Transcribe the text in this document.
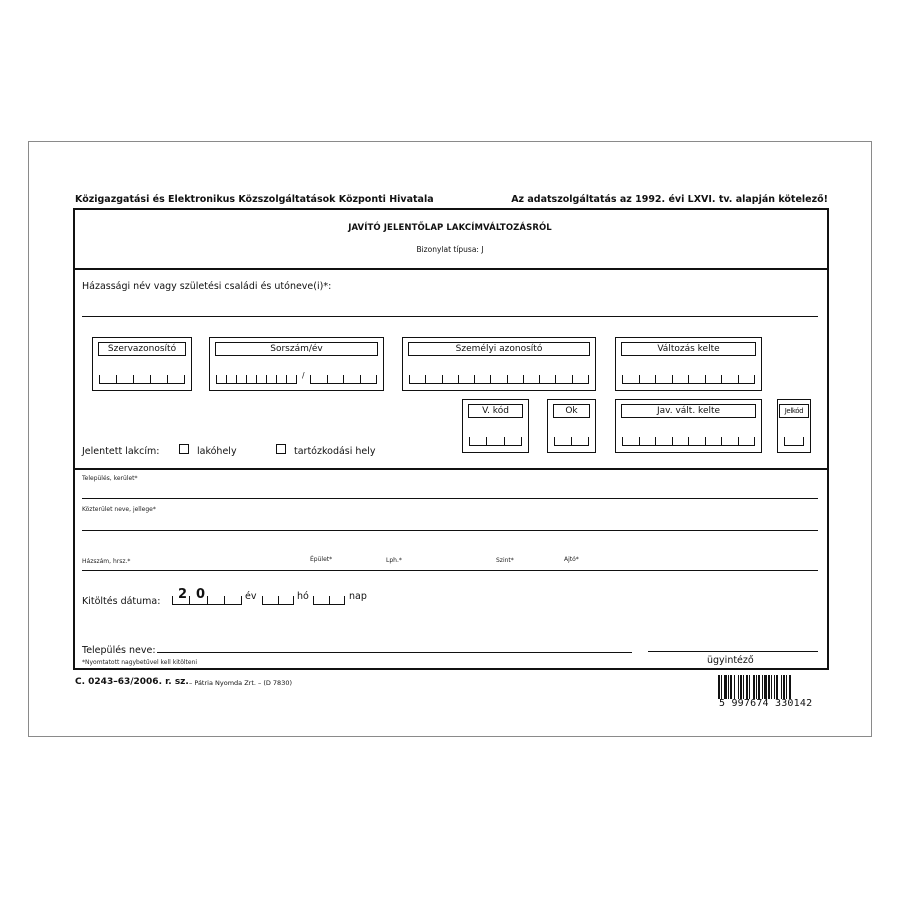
Közigazgatási és Elektronikus Közszolgáltatások Központi Hivatala	Az adatszolgáltatás az 1992. évi LXVI. tv. alapján kötelező!
JAVÍTÓ JELENTŐLAP LAKCÍMVÁLTOZÁSRÓL
Bizonylat típusa: J
Házassági név vagy születési családi és utóneve(i)*:
Szervazonosító	Sorszám/év
/
Személyi azonosító	Változás kelte
V. kód	Ok	Jav. vált. kelte	Jelkód
Jelentett lakcím:	lakóhely	tartózkodási hely
Település, kerület*
Közterület neve, jellege*
Házszám, hrsz.*	Épület*	Lph.*	Szint*	Ajtó*
Kitöltés dátuma: 2 0	év	hó	nap
Település neve:
*Nyomtatott nagybetűvel kell kitölteni	ügyintéző
C. 0243–63/2006. r. sz. – Pátria Nyomda Zrt. – (D 7830)
5 997674 330142
